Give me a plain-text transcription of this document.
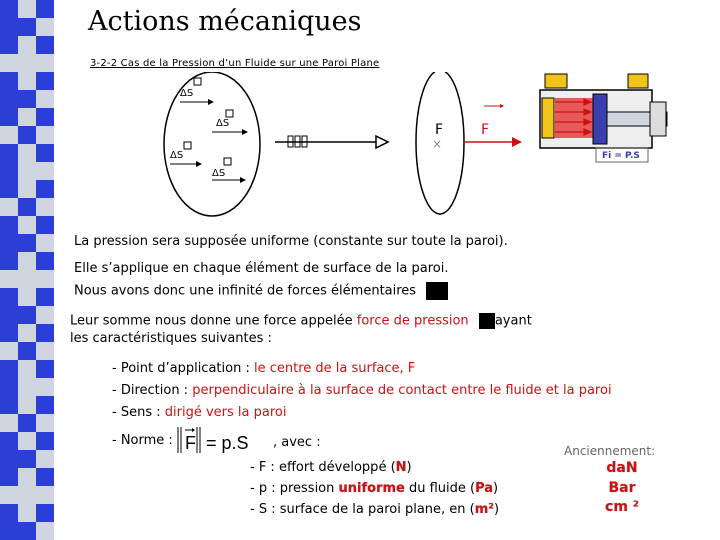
Actions mécaniques
3-2-2 Cas de la Pression d’un Fluide sur une Paroi Plane
ΔS
ΔS
ΔS
ΔS
F
×
F
Fi = P.S
La pression sera supposée uniforme (constante sur toute la paroi).
Elle s’applique en chaque élément de surface de la paroi.
Nous avons donc une infinité de forces élémentaires
Leur somme nous donne une force appelée force de pression ayant
les caractéristiques suivantes :
- Point d’application : le centre de la surface, F
- Direction : perpendiculaire à la surface de contact entre le fluide et la paroi
- Sens : dirigé vers la paroi
- Norme : F = p.S , avec :
- F : effort développé (N)
- p : pression uniforme du fluide (Pa)
- S : surface de la paroi plane, en (m²)
Anciennement:
daN
Bar
cm ²
